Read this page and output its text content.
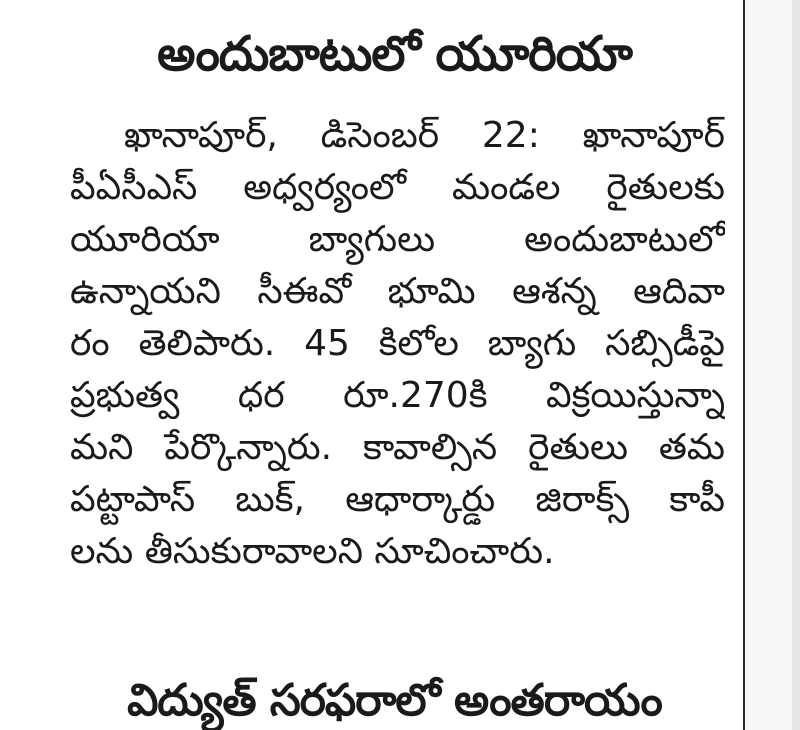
అందుబాటులో యూరియా
ఖానాపూర్, డిసెంబర్ 22: ఖానాపూర్
పీఏసీఎస్ అధ్వర్యంలో మండల రైతులకు
యూరియా బ్యాగులు అందుబాటులో
ఉన్నాయని సీఈవో భూమి ఆశన్న ఆదివా
రం తెలిపారు. 45 కిలోల బ్యాగు సబ్సిడీపై
ప్రభుత్వ ధర రూ.270కి విక్రయిస్తున్నా
మని పేర్కొన్నారు. కావాల్సిన రైతులు తమ
పట్టాపాస్ బుక్, ఆధార్కార్డు జిరాక్స్ కాపీ
లను తీసుకురావాలని సూచించారు.
విద్యుత్ సరఫరాలో అంతరాయం
